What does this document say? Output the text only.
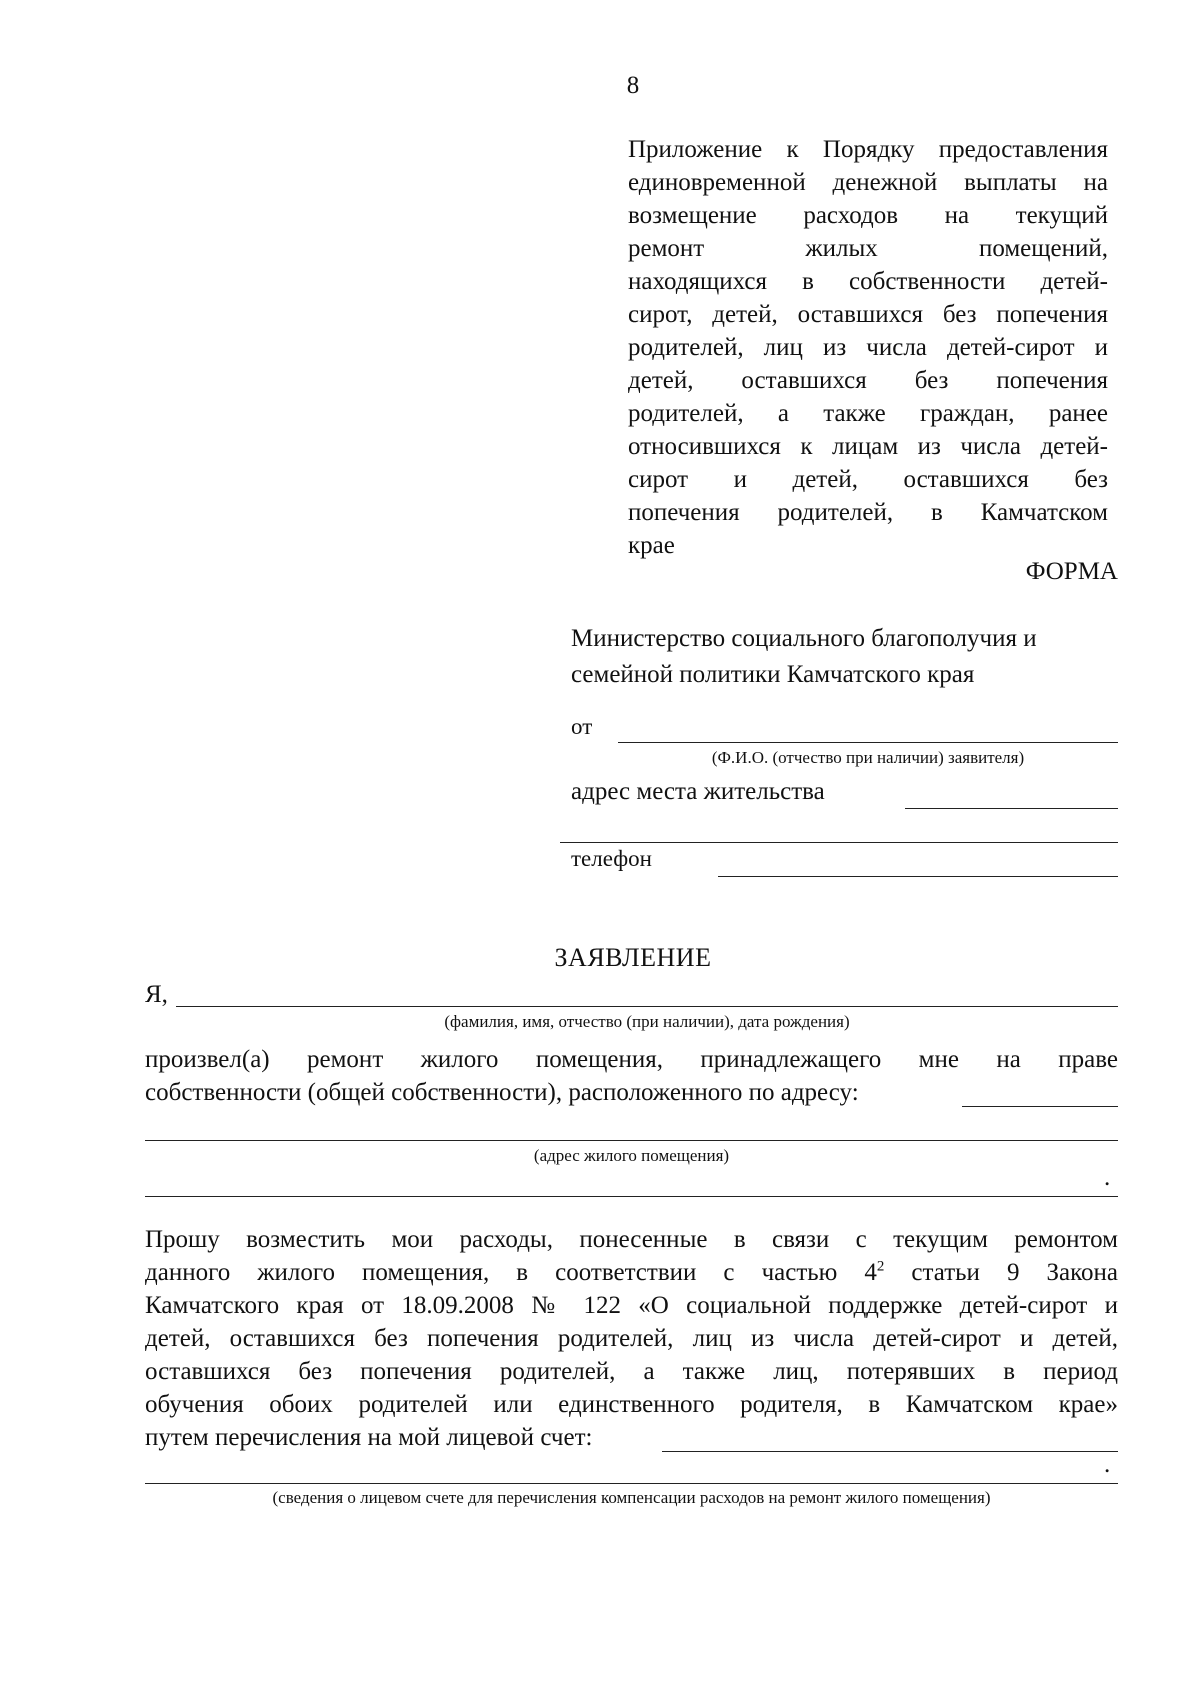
8
Приложение к Порядку предоставления
единовременной денежной выплаты на
возмещение расходов на текущий
ремонт жилых помещений,
находящихся в собственности детей-
сирот, детей, оставшихся без попечения
родителей, лиц из числа детей-сирот и
детей, оставшихся без попечения
родителей, а также граждан, ранее
относившихся к лицам из числа детей-
сирот и детей, оставшихся без
попечения родителей, в Камчатском
крае
ФОРМА
Министерство социального благополучия и
семейной политики Камчатского края
от
(Ф.И.О. (отчество при наличии) заявителя)
адрес места жительства
телефон
ЗАЯВЛЕНИЕ
Я,
(фамилия, имя, отчество (при наличии), дата рождения)
произвел(а) ремонт жилого помещения, принадлежащего мне на праве
собственности (общей собственности), расположенного по адресу:
(адрес жилого помещения)
.
Прошу возместить мои расходы, понесенные в связи с текущим ремонтом
данного жилого помещения, в соответствии с частью $4^2$ статьи 9 Закона
Камчатского края от 18.09.2008 № 122 «О социальной поддержке детей-сирот и
детей, оставшихся без попечения родителей, лиц из числа детей-сирот и детей,
оставшихся без попечения родителей, а также лиц, потерявших в период
обучения обоих родителей или единственного родителя, в Камчатском крае»
путем перечисления на мой лицевой счет:
.
(сведения о лицевом счете для перечисления компенсации расходов на ремонт жилого помещения)
